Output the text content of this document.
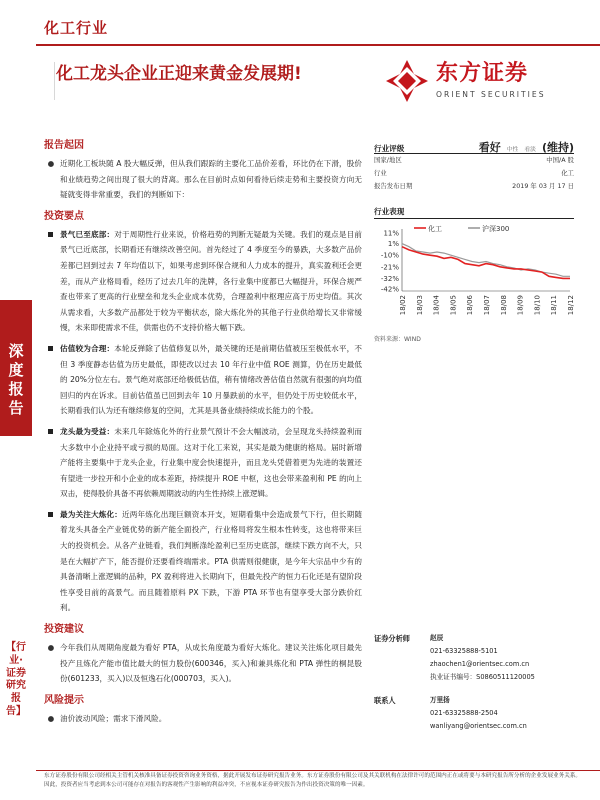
化工行业
化工龙头企业正迎来黄金发展期!	东方证券
ORIENT SECURITIES
深度报告
【行业·证券研究报告】
报告起因
● 近期化工板块随 A 股大幅反弹，但从我们跟踪的主要化工品价差看，环比仍在下滑，股价和业绩趋势之间出现了很大的背离。那么在目前时点如何看待后续走势和主要投资方向无疑就变得非常重要，我们的判断如下：
投资要点
景气已至底部：对于周期性行业来说，价格趋势的判断无疑最为关键。我们的观点是目前景气已近底部，长期看还有继续改善空间。首先经过了 4 季度至今的暴跌，大多数产品价差都已回到过去 7 年均值以下，如果考虑到环保合规和人力成本的提升，真实盈利还会更差，而从产业格局看，经历了过去几年的洗牌，各行业集中度都已大幅提升，环保合规严查也带来了更高的行业壁垒和龙头企业成本优势，合理盈利中枢理应高于历史均值。其次从需求看，大多数产品都处于较为平衡状态，除大炼化外的其他子行业供给增长又非常缓慢，未来即使需求不佳，供需也仍不支持价格大幅下跌。
估值较为合理：本轮反弹除了估值修复以外，最关键的还是前期估值被压至极低水平，不但 3 季度静态估值为历史最低，即使改以过去 10 年行业中值 ROE 测算，仍在历史最低的 20%分位左右。景气绝对底部还给极低估值，稍有情绪改善估值自然就有很强的向均值回归的内在诉求。目前估值虽已回到去年 10 月暴跌前的水平，但仍处于历史较低水平，长期看我们认为还有继续修复的空间，尤其是具备业绩持续成长能力的个股。
龙头最为受益：未来几年除炼化外的行业景气预计不会大幅波动，会呈现龙头持续盈利而大多数中小企业持平或亏损的局面。这对于化工来说，其实是最为健康的格局。届时新增产能将主要集中于龙头企业，行业集中度会快速提升，而且龙头凭借着更为先进的装置还有望进一步拉开和小企业的成本差距，持续提升 ROE 中枢，这也会带来盈利和 PE 的向上双击，使得股价具备不再依赖周期波动的内生性持续上涨逻辑。
最为关注大炼化：近两年炼化出现巨额资本开支，短期看集中会造成景气下行，但长期随着龙头具备全产业链优势的新产能全面投产，行业格局将发生根本性转变，这也将带来巨大的投资机会。从各产业链看，我们判断涤纶盈利已至历史底部，继续下跌方向不大，只是在大幅扩产下，能否提价还要看终端需求。PTA 供需则很健康，是今年大宗品中少有的具备清晰上涨逻辑的品种，PX 盈利将进入长期向下，但最先投产的恒力石化还是有望阶段性享受目前的高景气。而且随着原料 PX 下跌，下游 PTA 环节也有望享受大部分跌价红利。
投资建议
● 今年我们从周期角度最为看好 PTA，从成长角度最为看好大炼化。建议关注炼化项目最先投产且炼化产能市值比最大的恒力股份(600346，买入)和兼具炼化和 PTA 弹性的桐昆股份(601233，买入)以及恒逸石化(000703，买入)。
风险提示
● 油价波动风险；需求下滑风险。
行业评级	看好 中性 看淡 (维持)
国家/地区	中国/A 股
行业	化工
报告发布日期	2019 年 03 月 17 日
行业表现
11%
1%
-10%
-21%
-32%
-42%
18/02 18/03 18/04 18/05 18/06 18/07 18/08 18/09 18/10 18/11 18/12
化工	沪深300
资料来源：WIND
证券分析师	赵辰
021-63325888-5101
zhaochen1@orientsec.com.cn
执业证书编号：S0860511120005
联系人	万里扬
021-63325888-2504
wanliyang@orientsec.com.cn
东方证券股份有限公司经相关主管机关核准具备证券投资咨询业务资格，据此开展发布证券研究报告业务。东方证券股份有限公司及其关联机构在法律许可的范围内正在或将要与本研究报告所分析的企业发展业务关系。因此，投资者应当考虑到本公司可能存在对报告的客观性产生影响的利益冲突，不应视本证券研究报告为作出投资决策的唯一因素。
